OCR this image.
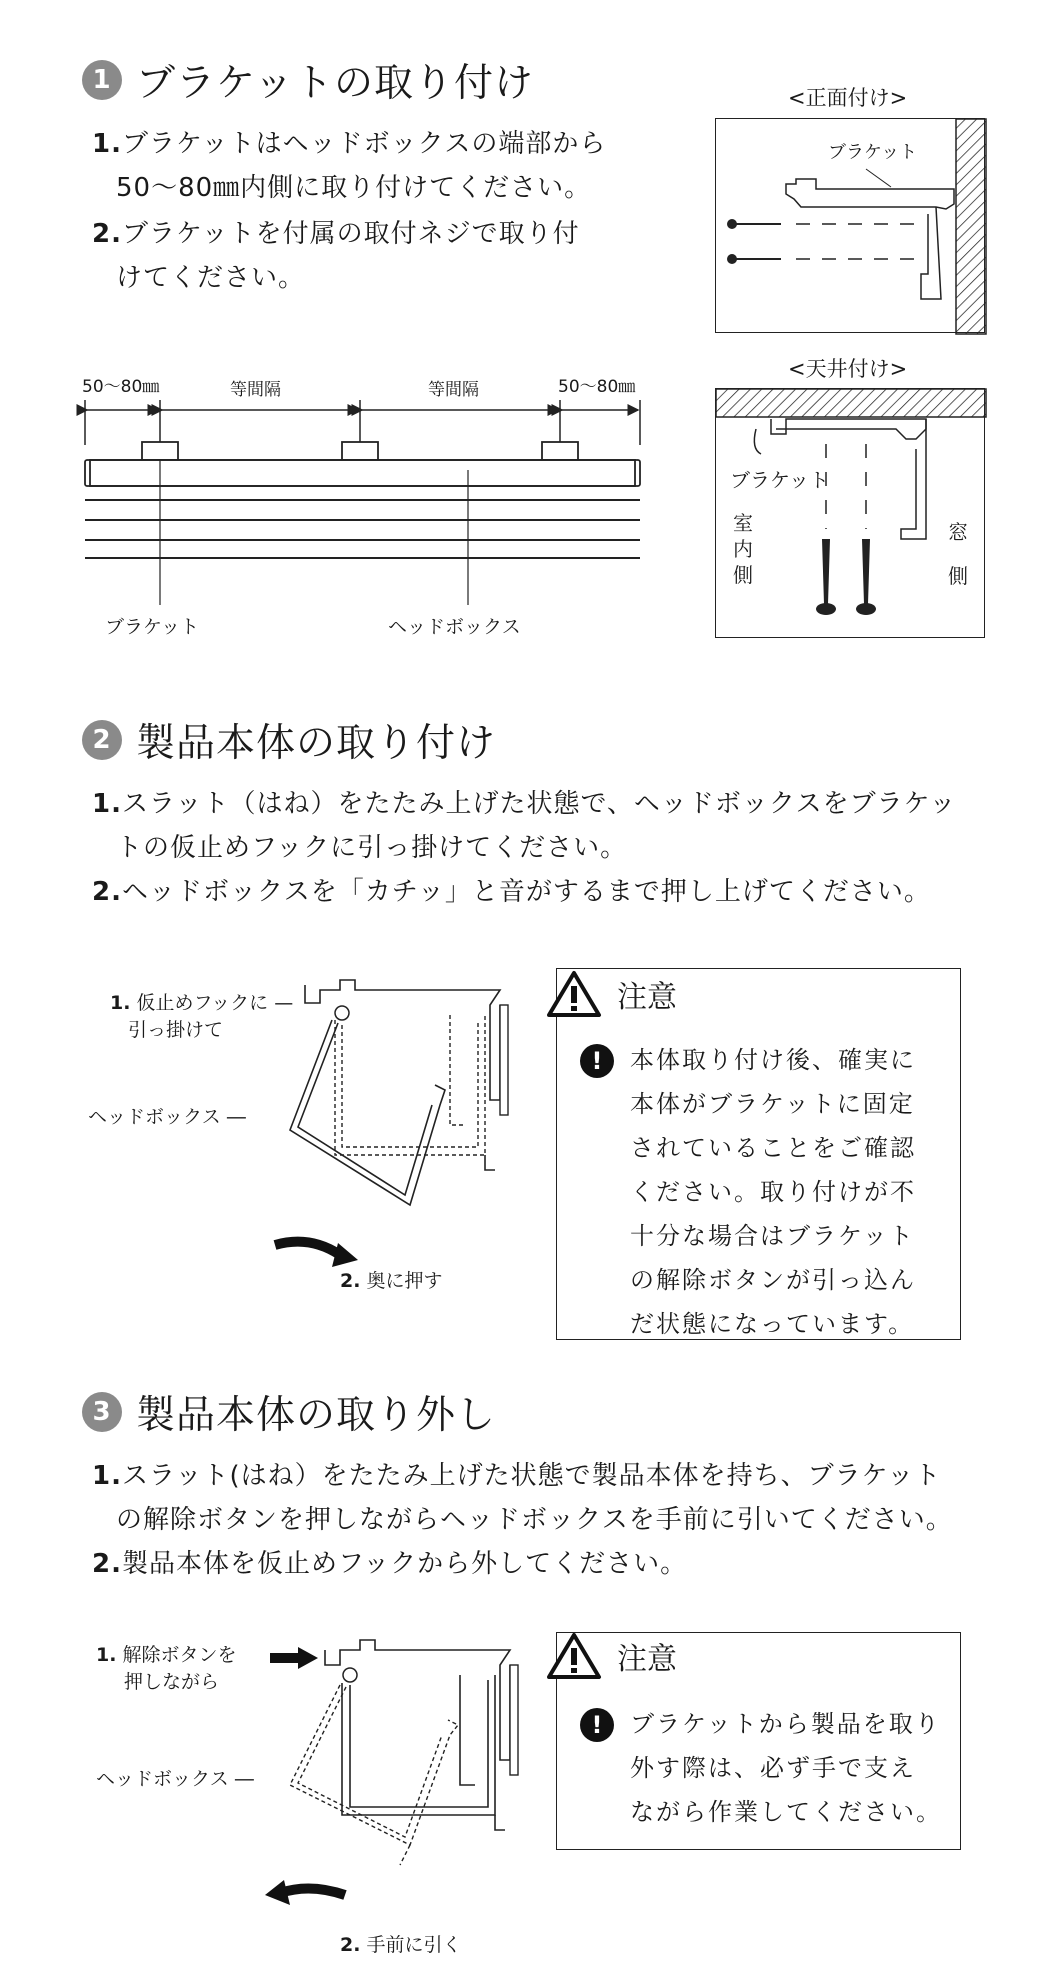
1 ブラケットの取り付け
1.ブラケットはヘッドボックスの端部から
50〜80㎜内側に取り付けてください。
2.ブラケットを付属の取付ネジで取り付
けてください。
<正面付け>
ブラケット
<天井付け>
ブラケット
室内側
窓側
50〜80㎜	等間隔	等間隔	50〜80㎜
ブラケット	ヘッドボックス
2 製品本体の取り付け
1.スラット（はね）をたたみ上げた状態で、ヘッドボックスをブラケッ
トの仮止めフックに引っ掛けてください。
2.ヘッドボックスを「カチッ」と音がするまで押し上げてください。
1. 仮止めフックに —
引っ掛けて
ヘッドボックス ―
2. 奥に押す
注意
!	本体取り付け後、確実に
本体がブラケットに固定
されていることをご確認
ください。取り付けが不
十分な場合はブラケット
の解除ボタンが引っ込ん
だ状態になっています。
3 製品本体の取り外し
1.スラット(はね）をたたみ上げた状態で製品本体を持ち、ブラケット
の解除ボタンを押しながらヘッドボックスを手前に引いてください。
2.製品本体を仮止めフックから外してください。
1. 解除ボタンを
押しながら
ヘッドボックス ―
2. 手前に引く
注意
!	ブラケットから製品を取り
外す際は、必ず手で支え
ながら作業してください。
